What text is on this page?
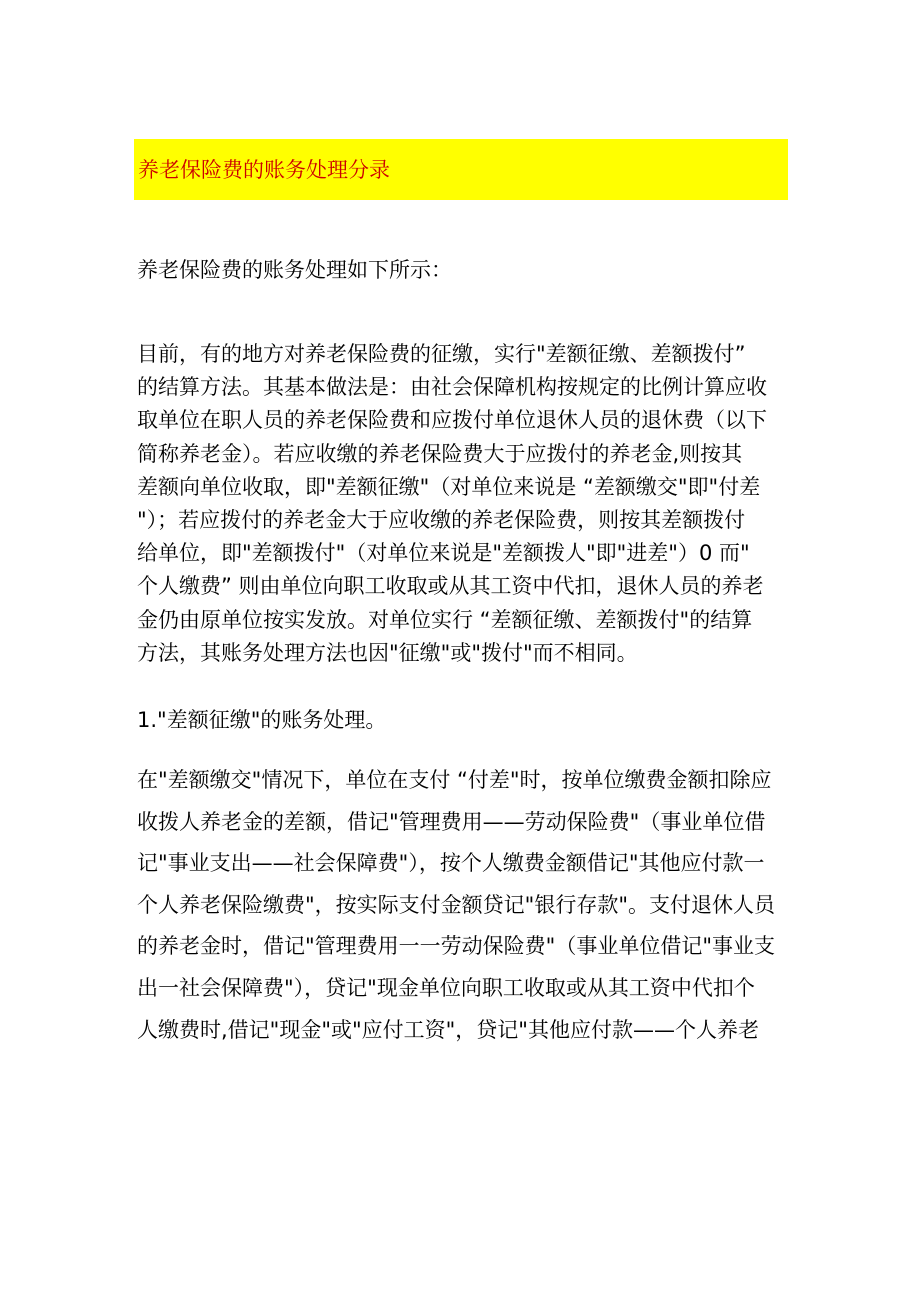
养老保险费的账务处理分录
养老保险费的账务处理如下所示：
目前，有的地方对养老保险费的征缴，实行"差额征缴、差额拨付”
的结算方法。其基本做法是：由社会保障机构按规定的比例计算应收
取单位在职人员的养老保险费和应拨付单位退休人员的退休费（以下
简称养老金）。若应收缴的养老保险费大于应拨付的养老金,则按其
差额向单位收取，即"差额征缴"（对单位来说是 “差额缴交"即"付差
"）；若应拨付的养老金大于应收缴的养老保险费，则按其差额拨付
给单位，即"差额拨付"（对单位来说是"差额拨人"即"进差"）0 而"
个人缴费” 则由单位向职工收取或从其工资中代扣，退休人员的养老
金仍由原单位按实发放。对单位实行 “差额征缴、差额拨付"的结算
方法，其账务处理方法也因"征缴"或"拨付"而不相同。
1."差额征缴"的账务处理。
在"差额缴交"情况下，单位在支付 “付差"时，按单位缴费金额扣除应
收拨人养老金的差额，借记"管理费用——劳动保险费"（事业单位借
记"事业支出——社会保障费"），按个人缴费金额借记"其他应付款一
个人养老保险缴费"，按实际支付金额贷记"银行存款"。支付退休人员
的养老金时，借记"管理费用一一劳动保险费"（事业单位借记"事业支
出一社会保障费"），贷记"现金单位向职工收取或从其工资中代扣个
人缴费时,借记"现金"或"应付工资"，贷记"其他应付款——个人养老
